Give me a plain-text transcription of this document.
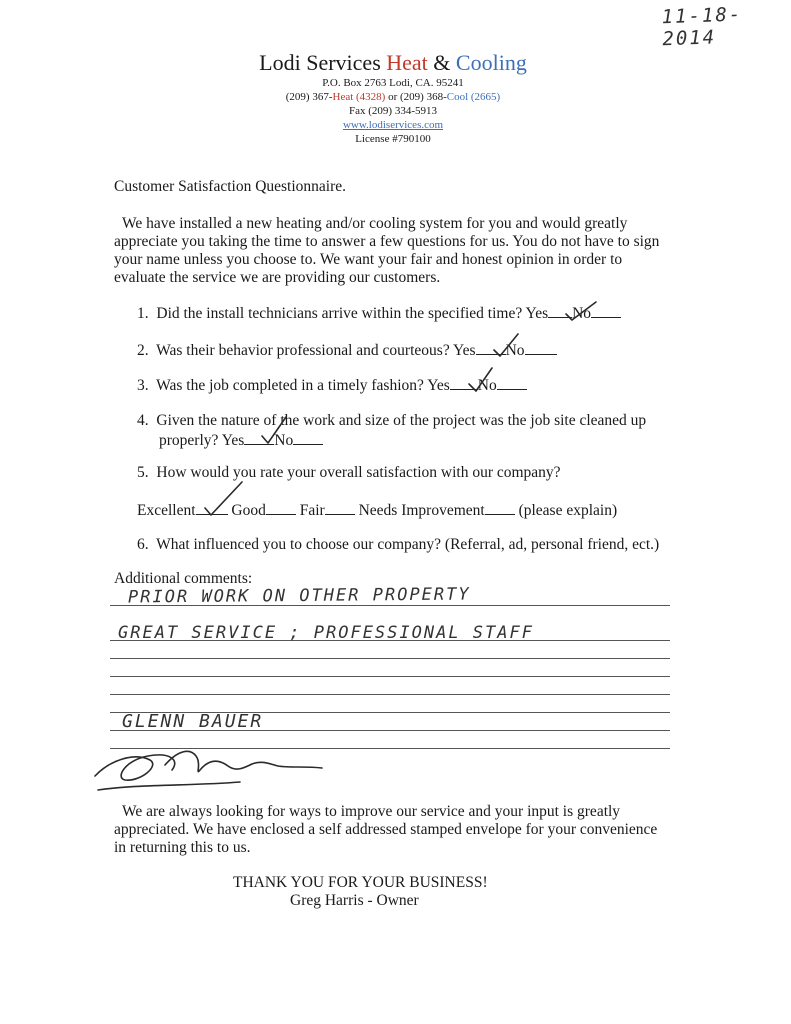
11-18-2014
Lodi Services Heat & Cooling
P.O. Box 2763 Lodi, CA. 95241
(209) 367-Heat (4328) or (209) 368-Cool (2665)
Fax (209) 334-5913
www.lodiservices.com
License #790100
Customer Satisfaction Questionnaire.
We have installed a new heating and/or cooling system for you and would greatly
appreciate you taking the time to answer a few questions for us. You do not have to sign
your name unless you choose to. We want your fair and honest opinion in order to
evaluate the service we are providing our customers.
1. Did the install technicians arrive within the specified time? Yes No
2. Was their behavior professional and courteous? Yes No
3. Was the job completed in a timely fashion? Yes No
4. Given the nature of the work and size of the project was the job site cleaned up
properly? Yes No
5. How would you rate your overall satisfaction with our company?
Excellent Good Fair Needs Improvement (please explain)
6. What influenced you to choose our company? (Referral, ad, personal friend, ect.)
Additional comments:
PRIOR WORK ON OTHER PROPERTY
GREAT SERVICE ; PROFESSIONAL STAFF
GLENN BAUER
We are always looking for ways to improve our service and your input is greatly
appreciated. We have enclosed a self addressed stamped envelope for your convenience
in returning this to us.
THANK YOU FOR YOUR BUSINESS!
Greg Harris - Owner
